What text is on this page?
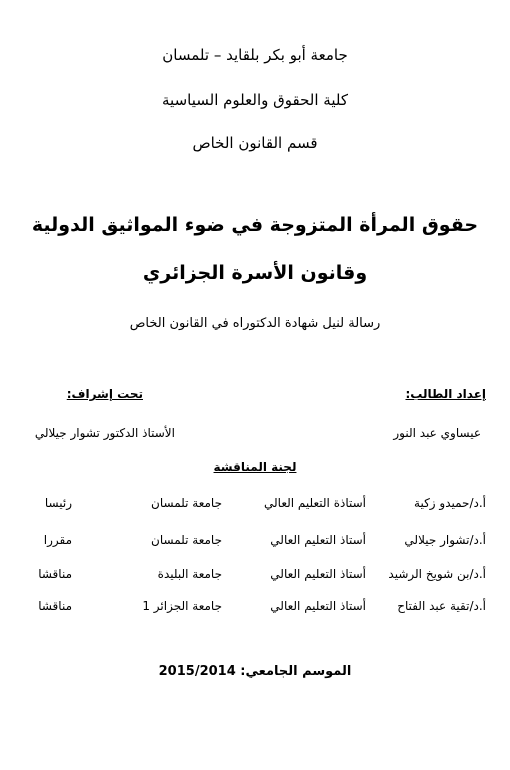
جامعة أبو بكر بلقايد – تلمسان
كلية الحقوق والعلوم السياسية
قسم القانون الخاص
حقوق المرأة المتزوجة في ضوء المواثيق الدولية
وقانون الأسرة الجزائري
رسالة لنيل شهادة الدكتوراه في القانون الخاص
إعداد الطالب:
تحت إشراف:
عيساوي عبد النور
الأستاذ الدكتور تشوار جيلالي
لجنة المناقشة
أ.د/حميدو زكية
أستاذة التعليم العالي
جامعة تلمسان
رئيسا
أ.د/تشوار جيلالي
أستاذ التعليم العالي
جامعة تلمسان
مقررا
أ.د/بن شويخ الرشيد
أستاذ التعليم العالي
جامعة البليدة
مناقشا
أ.د/تقية عبد الفتاح
أستاذ التعليم العالي
جامعة الجزائر 1
مناقشا
الموسم الجامعي: 2015/2014
